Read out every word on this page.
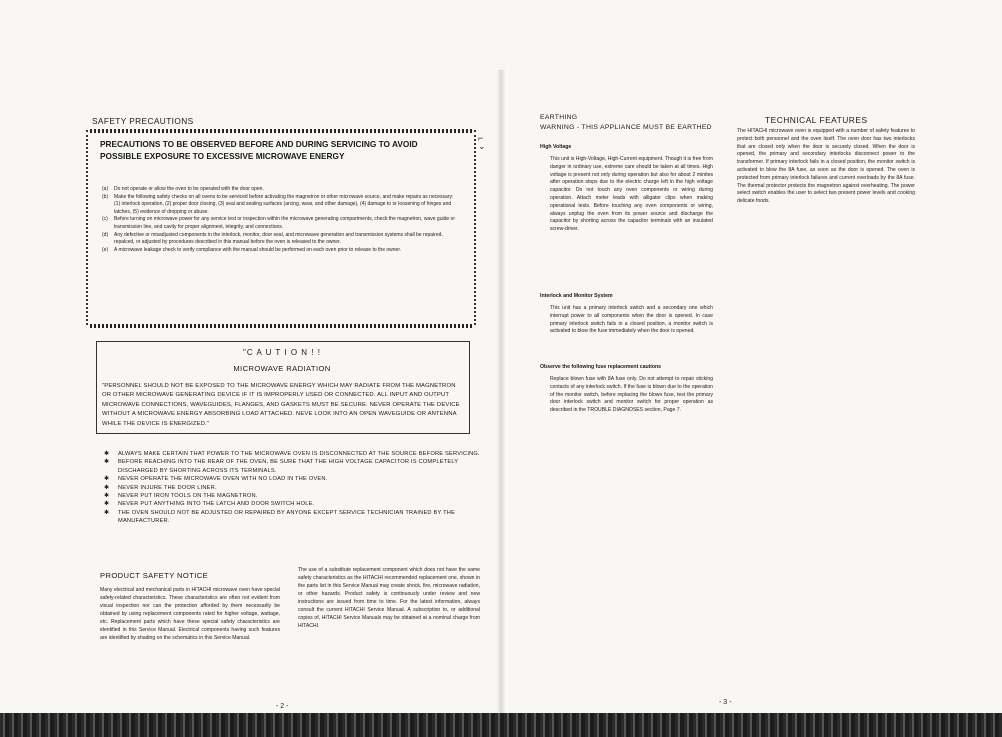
SAFETY PRECAUTIONS
⌐
⌄
PRECAUTIONS TO BE OBSERVED BEFORE AND DURING SERVICING TO AVOID POSSIBLE EXPOSURE TO EXCESSIVE MICROWAVE ENERGY
(a) Do not operate or allow the oven to be operated with the door open.
(b) Make the following safety checks on all ovens to be serviced before activating the magnetron or other microwave source, and make repairs as necessary: (1) interlock operation, (2) proper door closing, (3) seal and sealing surfaces (arcing, wear, and other damage), (4) damage to or loosening of hinges and latches, (5) evidence of dropping or abuse.
(c) Before turning on microwave power for any service test or inspection within the microwave generating compartments, check the magnetron, wave guide or transmission line, and cavity for proper alignment, integrity, and connections.
(d) Any defective or misadjusted components in the interlock, monitor, door seal, and microwave generation and transmission systems shall be repaired, repalced, or adjusted by procedures described in this manual before the oven is released to the owner.
(e) A microwave leakage check to verify compliance with the manual should be performed on each oven prior to release to the owner.
"C A U T I O N ! !
MICROWAVE RADIATION
"PERSONNEL SHOULD NOT BE EXPOSED TO THE MICROWAVE ENERGY WHICH MAY RADIATE FROM THE MAGNETRON OR OTHER MICROWAVE GENERATING DEVICE IF IT IS IMPROPERLY USED OR CONNECTED. ALL INPUT AND OUTPUT MICROWAVE CONNECTIONS, WAVEGUIDES, FLANGES, AND GASKETS MUST BE SECURE. NEVER OPERATE THE DEVICE WITHOUT A MICROWAVE ENERGY ABSORBING LOAD ATTACHED. NEVE LOOK INTO AN OPEN WAVEGUIDE OR ANTENNA WHILE THE DEVICE IS ENERGIZED."
✱ ALWAYS MAKE CERTAIN THAT POWER TO THE MICROWAVE OVEN IS DISCONNECTED AT THE SOURCE BEFORE SERVICING.
✱ BEFORE REACHING INTO THE REAR OF THE OVEN, BE SURE THAT THE HIGH VOLTAGE CAPACITOR IS COMPLETELY DISCHARGED BY SHORTING ACROSS ITS TERMINALS.
✱ NEVER OPERATE THE MICROWAVE OVEN WITH NO LOAD IN THE OVEN.
✱ NEVER INJURE THE DOOR LINER.
✱ NEVER PUT IRON TOOLS ON THE MAGNETRON.
✱ NEVER PUT ANYTHING INTO THE LATCH AND DOOR SWITCH HOLE.
✱ THE OVEN SHOULD NOT BE ADJUSTED OR REPAIRED BY ANYONE EXCEPT SERVICE TECHNICIAN TRAINED BY THE MANUFACTURER.
PRODUCT SAFETY NOTICE
Many electrical and mechanical parts in HITACHI microwave oven have special safety-related characteristics. These characteristics are often not evident from visual inspection nor can the protection afforded by them necessarily be obtained by using replacement components rated for higher voltage, wattage, etc. Replacement parts which have these special safety characteristics are identified in this Service Manual. Electrical components having such features are identified by shading on the schematics in this Service Manual.
The use of a substitute replacement component which does not have the same safety characteristics as the HITACHI recommended replacement one, shown in the parts list in this Service Manual may create shock, fire, microwave radiation, or other hazards. Product safety is continuously under review and new instructions are issued from time to time. For the latest information, always consult the current HITACHI Service Manual. A subscription to, or additional copies of, HITACHI Service Manuals may be obtained at a nominal charge from HITACHI.
- 2 -
EARTHING
WARNING - THIS APPLIANCE MUST BE EARTHED
High Voltage
This unit is High-Voltage, High-Current equipment. Though it is free from danger in ordinary use, extreme care should be taken at all times. High voltage is present not only during operation but also for about 2 minites after operation stops due to the electric charge left in the high voltage capacitor. Do not touch any oven components or wiring during operation. Attach meter leads with alligator clips when making operational tests. Before touching any oven components or wiring, always unplug the oven from its power source and discharge the capacitor by shorting across the capacitor terminals with an insulated screw-driver.
Interlock and Monitor System
This unit has a primary interlock switch and a secondary one which interrupt power to all components when the door is opened. In case primary interlock switch fails in a closed position, a monitor switch is activated to blow the fuse immediately when the door is opened.
Observe the following fuse replacement cautions
Replace blown fuse with 8A fuse only. Do not attempt to repair sticking contacts of any interlock switch. If the fuse is blown due to the operation of the monitor switch, before replacing the blown fuse, test the primary door interlock switch and monitor switch for proper operation as described in the TROUBLE DIAGNOSES section, Page 7.
TECHNICAL FEATURES
The HITACHI microwave oven is equipped with a number of safety features to protect both personnel and the oven itself. The oven door has two interlocks that are closed only when the door is securely closed. When the door is opened, the primary and secondary interlocks disconnect power to the transformer. If primary interlock fails in a closed position, the monitor switch is activated to blow the 8A fuse, as soon as the door is opened. The oven is protected from primary interlock failures and current overloads by the 8A fuse. The thermal protector protects the magnetron against overheating. The power select switch enables the user to select two present power levels and cooking delicate foods.
- 3 -
